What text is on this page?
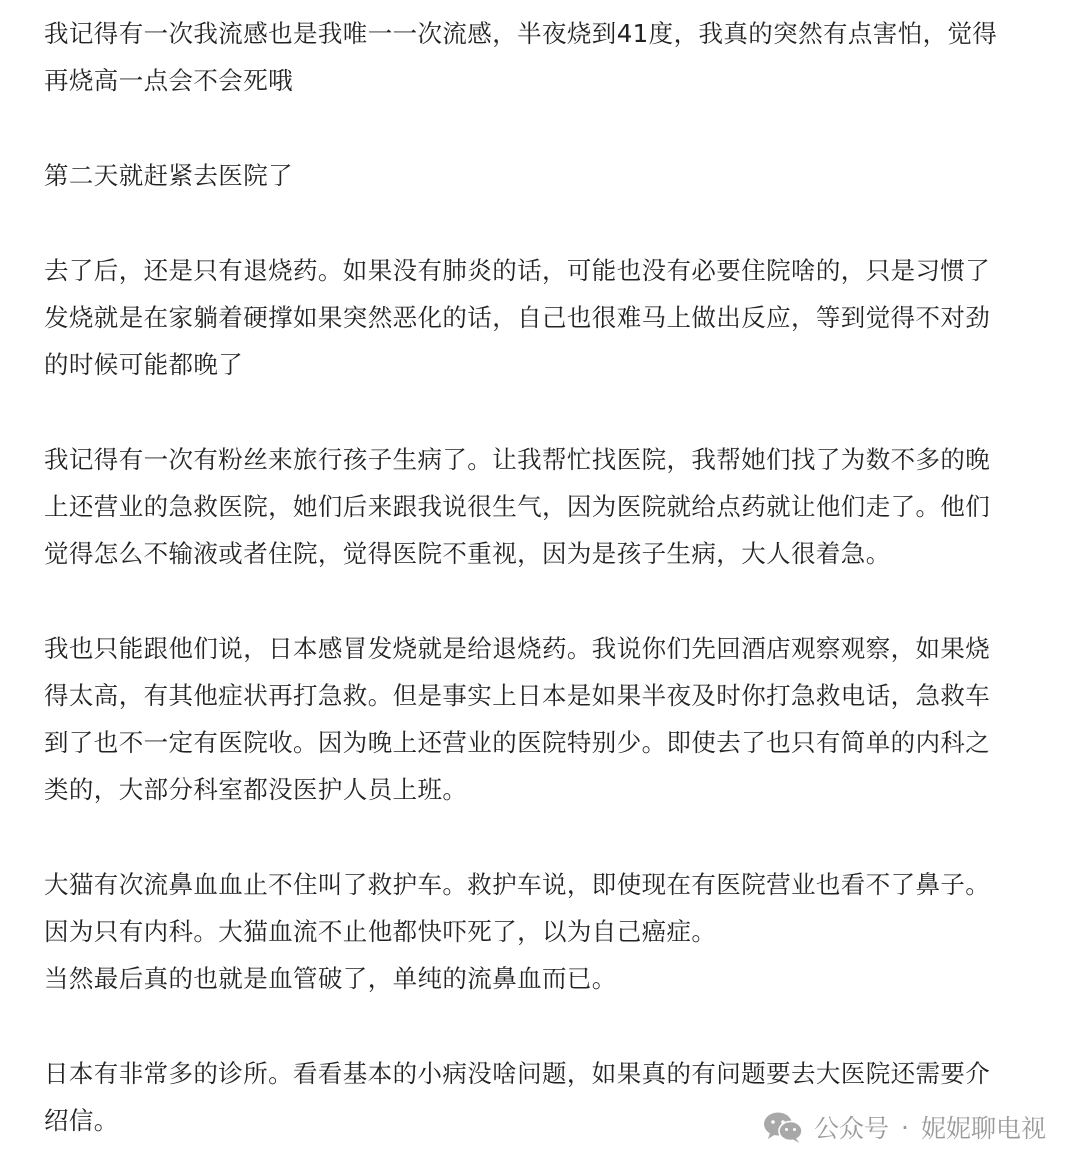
我记得有一次我流感也是我唯一一次流感，半夜烧到41度，我真的突然有点害怕，觉得
再烧高一点会不会死哦

第二天就赶紧去医院了

去了后，还是只有退烧药。如果没有肺炎的话，可能也没有必要住院啥的，只是习惯了
发烧就是在家躺着硬撑如果突然恶化的话，自己也很难马上做出反应，等到觉得不对劲
的时候可能都晚了

我记得有一次有粉丝来旅行孩子生病了。让我帮忙找医院，我帮她们找了为数不多的晚
上还营业的急救医院，她们后来跟我说很生气，因为医院就给点药就让他们走了。他们
觉得怎么不输液或者住院，觉得医院不重视，因为是孩子生病，大人很着急。

我也只能跟他们说，日本感冒发烧就是给退烧药。我说你们先回酒店观察观察，如果烧
得太高，有其他症状再打急救。但是事实上日本是如果半夜及时你打急救电话，急救车
到了也不一定有医院收。因为晚上还营业的医院特别少。即使去了也只有简单的内科之
类的，大部分科室都没医护人员上班。

大猫有次流鼻血血止不住叫了救护车。救护车说，即使现在有医院营业也看不了鼻子。
因为只有内科。大猫血流不止他都快吓死了，以为自己癌症。
当然最后真的也就是血管破了，单纯的流鼻血而已。

日本有非常多的诊所。看看基本的小病没啥问题，如果真的有问题要去大医院还需要介
绍信。	公众号 · 妮妮聊电视
